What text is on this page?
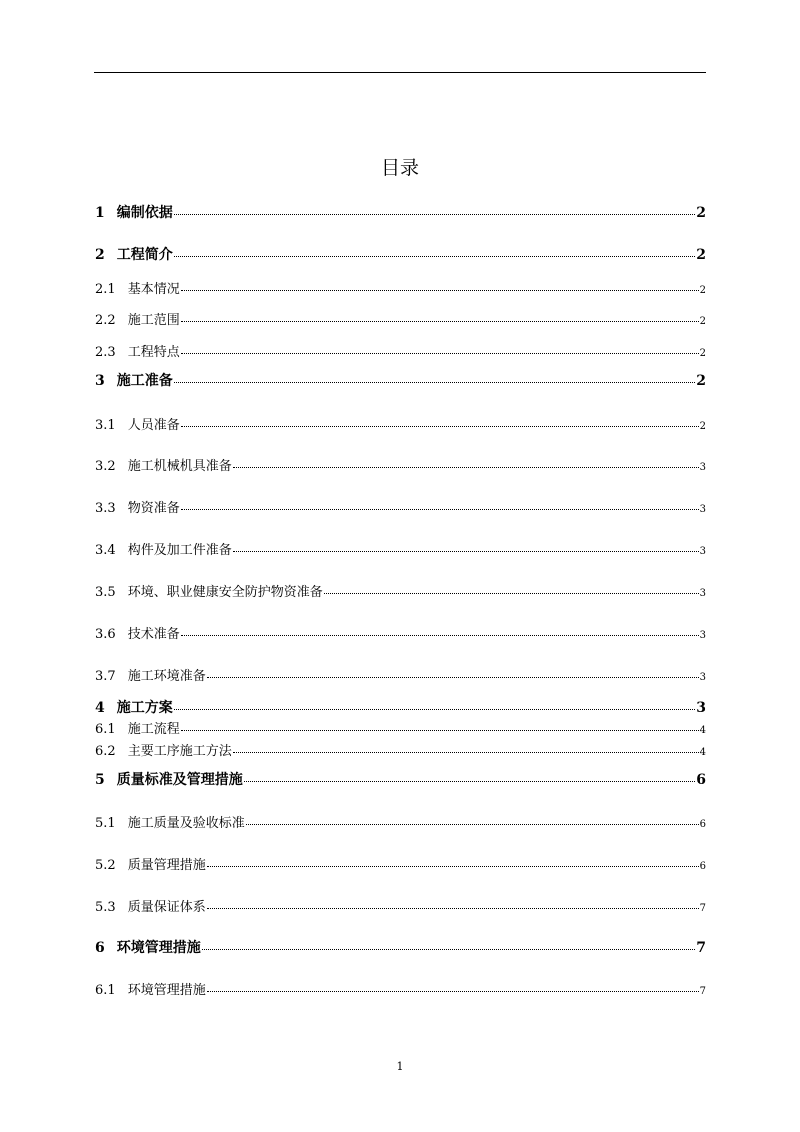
目录
1 编制依据	2
2 工程简介	2
2.1 基本情况	2
2.2 施工范围	2
2.3 工程特点	2
3 施工准备	2
3.1 人员准备	2
3.2 施工机械机具准备	3
3.3 物资准备	3
3.4 构件及加工件准备	3
3.5 环境、职业健康安全防护物资准备	3
3.6 技术准备	3
3.7 施工环境准备	3
4 施工方案	3
6.1 施工流程	4
6.2 主要工序施工方法	4
5 质量标准及管理措施	6
5.1 施工质量及验收标准	6
5.2 质量管理措施	6
5.3 质量保证体系	7
6 环境管理措施	7
6.1 环境管理措施	7
1
